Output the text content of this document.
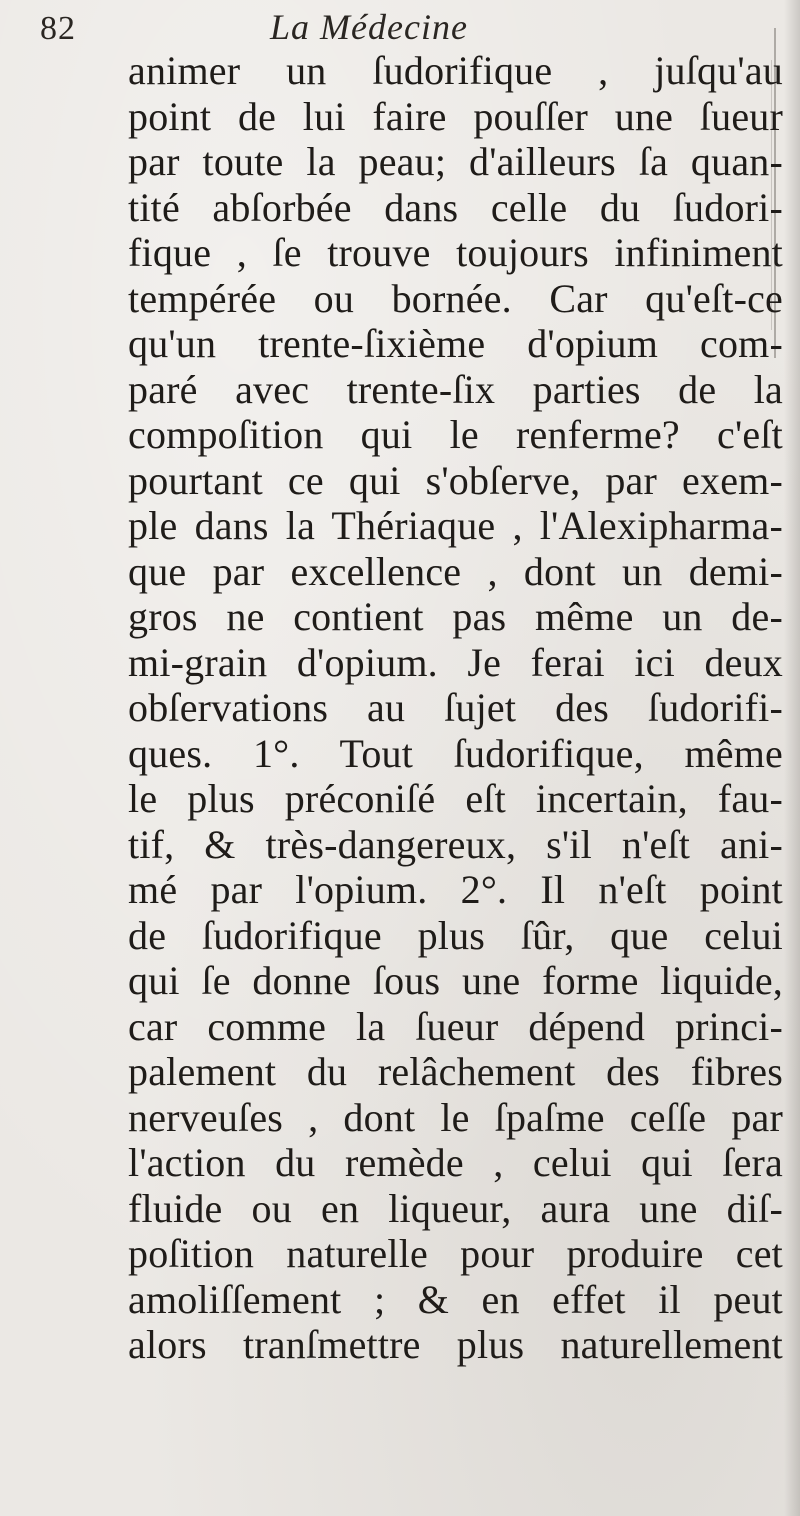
82	La Médecine
animer un ſudorifique , juſqu'au
point de lui faire pouſſer une ſueur
par toute la peau; d'ailleurs ſa quan-
tité abſorbée dans celle du ſudori-
fique , ſe trouve toujours infiniment
tempérée ou bornée. Car qu'eſt-ce
qu'un trente-ſixième d'opium com-
paré avec trente-ſix parties de la
compoſition qui le renferme? c'eſt
pourtant ce qui s'obſerve, par exem-
ple dans la Thériaque , l'Alexipharma-
que par excellence , dont un demi-
gros ne contient pas même un de-
mi-grain d'opium. Je ferai ici deux
obſervations au ſujet des ſudorifi-
ques. 1°. Tout ſudorifique, même
le plus préconiſé eſt incertain, fau-
tif, & très-dangereux, s'il n'eſt ani-
mé par l'opium. 2°. Il n'eſt point
de ſudorifique plus ſûr, que celui
qui ſe donne ſous une forme liquide,
car comme la ſueur dépend princi-
palement du relâchement des fibres
nerveuſes , dont le ſpaſme ceſſe par
l'action du remède , celui qui ſera
fluide ou en liqueur, aura une diſ-
poſition naturelle pour produire cet
amoliſſement ; & en effet il peut
alors tranſmettre plus naturellement
